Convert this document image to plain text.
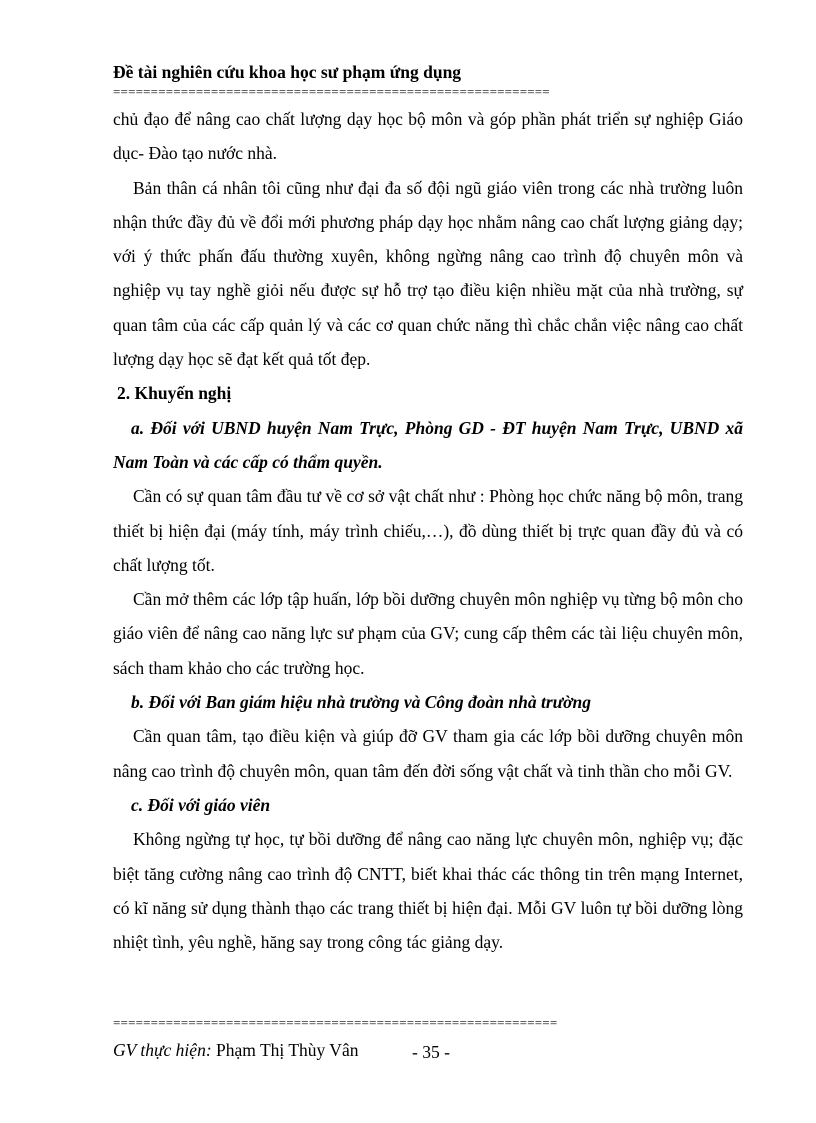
Đề tài nghiên cứu khoa học sư phạm ứng dụng
==========================================================

chủ đạo để nâng cao chất lượng dạy học bộ môn và góp phần phát triển sự nghiệp Giáo dục- Đào tạo nước nhà.

Bản thân cá nhân tôi cũng như đại đa số đội ngũ giáo viên trong các nhà trường luôn nhận thức đầy đủ về đổi mới phương pháp dạy học nhằm nâng cao chất lượng giảng dạy; với ý thức phấn đấu thường xuyên, không ngừng nâng cao trình độ chuyên môn và nghiệp vụ tay nghề giỏi nếu được sự hỗ trợ tạo điều kiện nhiều mặt của nhà trường, sự quan tâm của các cấp quản lý và các cơ quan chức năng thì chắc chắn việc nâng cao chất lượng dạy học sẽ đạt kết quả tốt đẹp.

2. Khuyến nghị

a. Đối với UBND huyện Nam Trực, Phòng GD - ĐT huyện Nam Trực, UBND xã Nam Toàn và các cấp có thẩm quyền.

Cần có sự quan tâm đầu tư về cơ sở vật chất như : Phòng học chức năng bộ môn, trang thiết bị hiện đại (máy tính, máy trình chiếu,…), đồ dùng thiết bị trực quan đầy đủ và có chất lượng tốt.

Cần mở thêm các lớp tập huấn, lớp bồi dưỡng chuyên môn nghiệp vụ từng bộ môn cho giáo viên để nâng cao năng lực sư phạm của GV; cung cấp thêm các tài liệu chuyên môn, sách tham khảo cho các trường học.

b. Đối với Ban giám hiệu nhà trường và Công đoàn nhà trường

Cần quan tâm, tạo điều kiện và giúp đỡ GV tham gia các lớp bồi dưỡng chuyên môn nâng cao trình độ chuyên môn, quan tâm đến đời sống vật chất và tinh thần cho mỗi GV.

c. Đối với giáo viên

Không ngừng tự học, tự bồi dưỡng để nâng cao năng lực chuyên môn, nghiệp vụ; đặc biệt tăng cường nâng cao trình độ CNTT, biết khai thác các thông tin trên mạng Internet, có kĩ năng sử dụng thành thạo các trang thiết bị hiện đại. Mỗi GV luôn tự bồi dưỡng lòng nhiệt tình, yêu nghề, hăng say trong công tác giảng dạy.

===========================================================
GV thực hiện: Phạm Thị Thùy Vân	- 35 -
